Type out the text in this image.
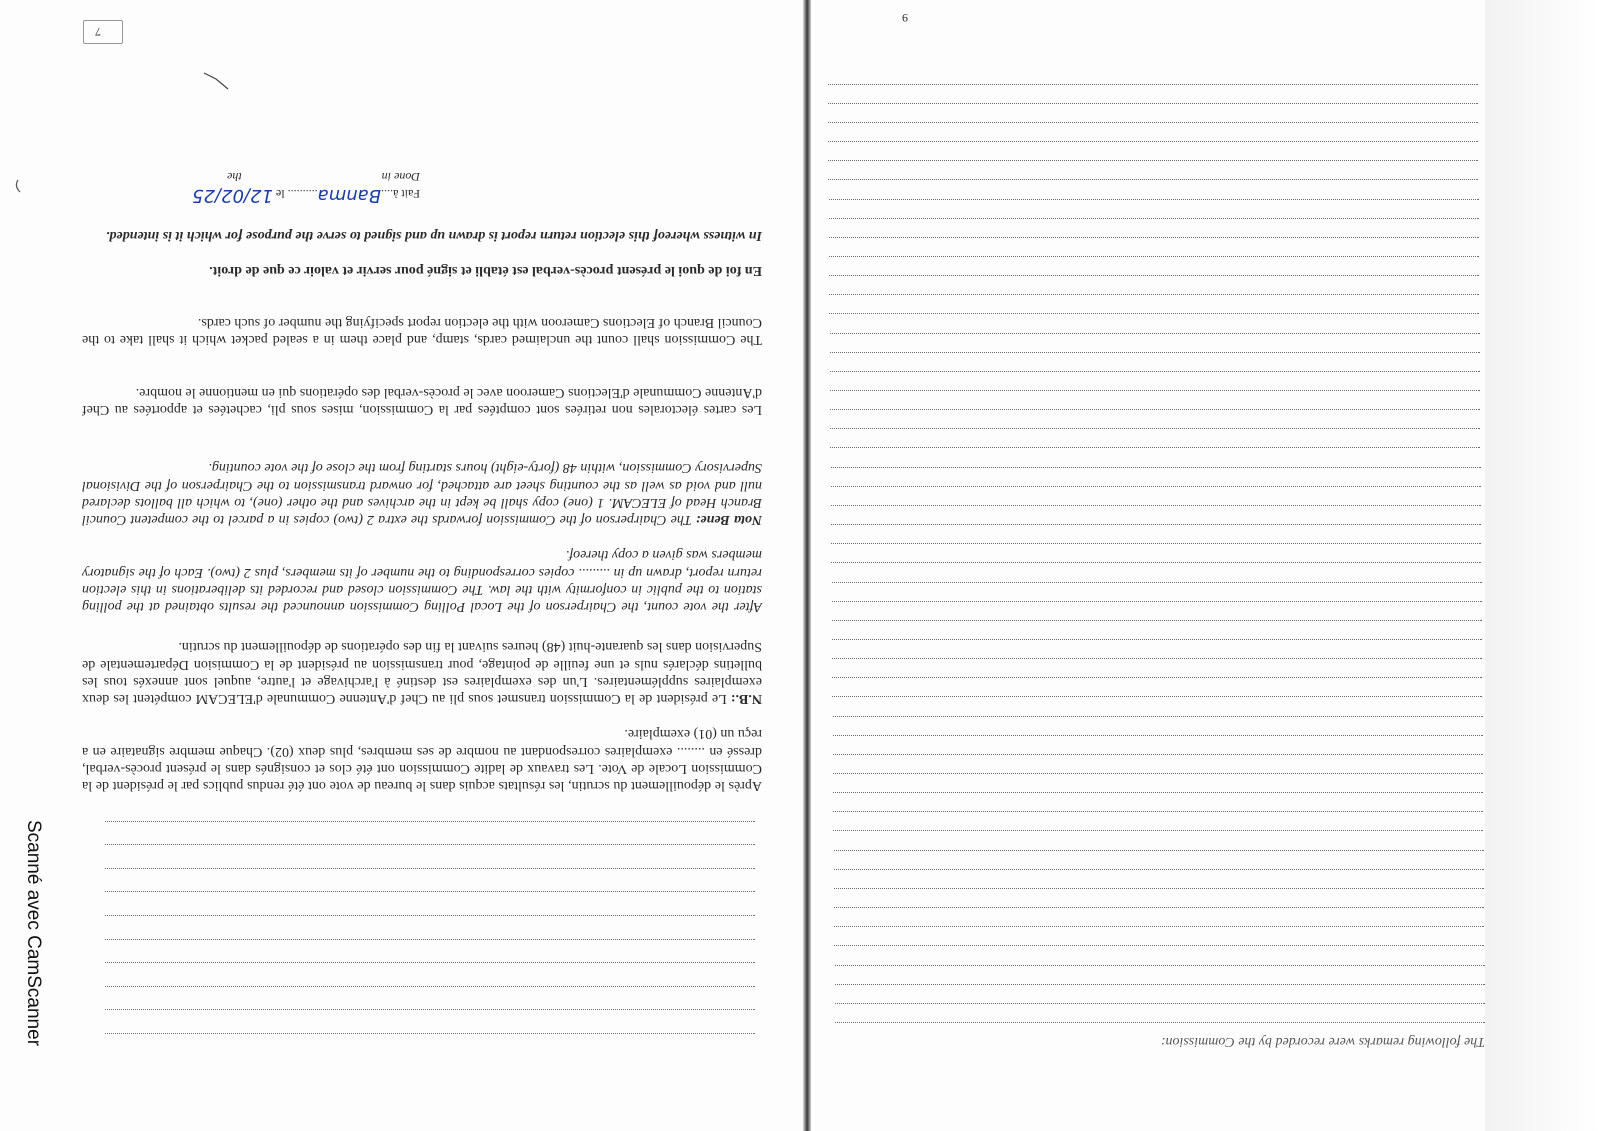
The following remarks were recorded by the Commission:
9
7

Après le dépouillement du scrutin, les résultats acquis dans le bureau de vote ont été rendus publics par le président de la Commission Locale de Vote. Les travaux de ladite Commission ont été clos et consignés dans le présent procès-verbal, dressé en ........ exemplaires correspondant au nombre de ses membres, plus deux (02). Chaque membre signataire en a reçu un (01) exemplaire.

N.B.: Le président de la Commission transmet sous pli au Chef d'Antenne Communale d'ELECAM compétent les deux exemplaires supplémentaires. L'un des exemplaires est destiné à l'archivage et l'autre, auquel sont annexés tous les bulletins déclarés nuls et une feuille de pointage, pour transmission au président de la Commision Départementale de Supervision dans les quarante-huit (48) heures suivant la fin des opérations de dépouillement du scrutin.

After the vote count, the Chairperson of the Local Polling Commission announced the results obtained at the polling station to the public in conformity with the law. The Commission closed and recorded its deliberations in this election return report, drawn up in ......... copies corresponding to the number of its members, plus 2 (two). Each of the signatory members was given a copy thereof.

Nota Bene: The Chairperson of the Commission forwards the extra 2 (two) copies in a parcel to the competent Council Branch Head of ELECAM. 1 (one) copy shall be kept in the archives and the other (one), to which all ballots declared null and void as well as the counting sheet are attached, for onward transmission to the Chairperson of the Divisional Supervisory Commission, within 48 (forty-eight) hours starting from the close of the vote counting.

Les cartes électorales non retirées sont comptées par la Commission, mises sous pli, cachetées et apportées au Chef d'Antenne Communale d'Elections Cameroon avec le procès-verbal des opérations qui en mentionne le nombre.

The Commission shall count the unclaimed cards, stamp, and place them in a sealed packet which it shall take to the Council Branch of Elections Cameroon with the election report specifying the number of such cards.

En foi de quoi le présent procès-verbal est établi et signé pour servir et valoir ce que de droit.

In witness whereof this election return report is drawn up and signed to serve the purpose for which it is intended.

Fait à....Banma.......... le 12/02/25
Done inthe
Scanné avec CamScanner
